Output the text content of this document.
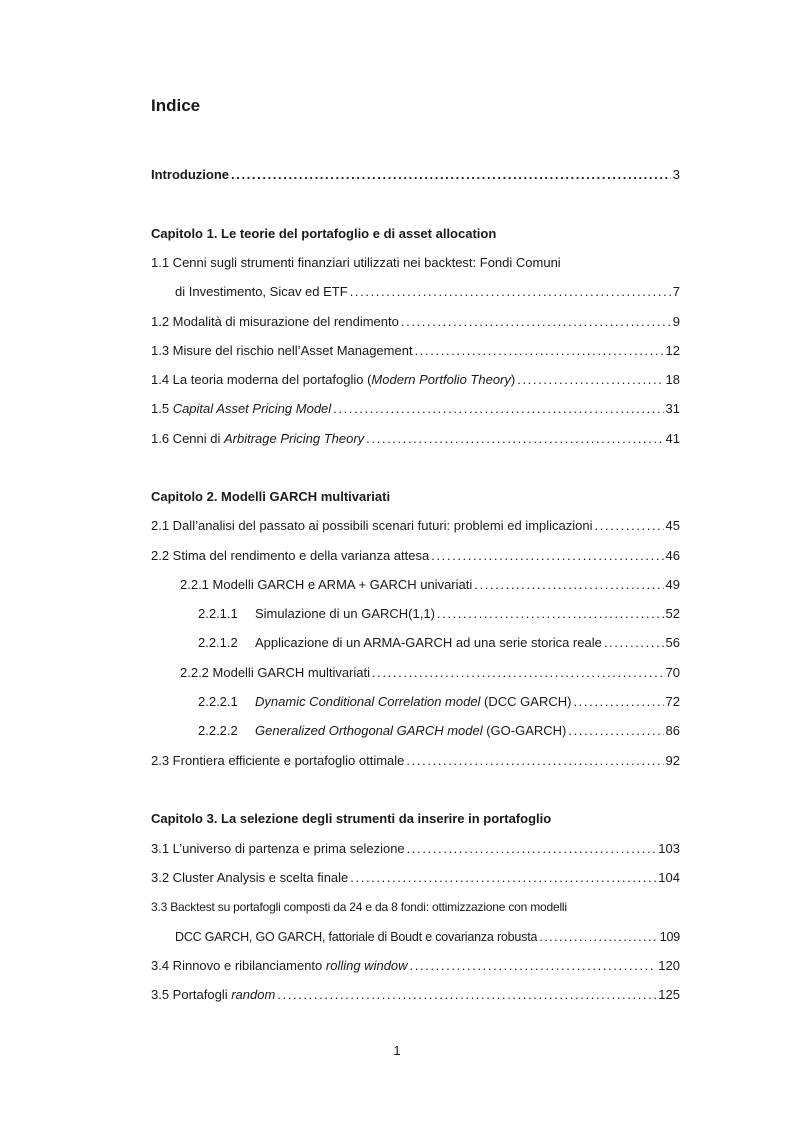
Indice
Introduzione . . .	3
Capitolo 1. Le teorie del portafoglio e di asset allocation
1.1 Cenni sugli strumenti finanziari utilizzati nei backtest: Fondi Comuni
di Investimento, Sicav ed ETF . . .	7
1.2 Modalità di misurazione del rendimento . . .	9
1.3 Misure del rischio nell’Asset Management . . .	12
1.4 La teoria moderna del portafoglio (Modern Portfolio Theory) . . .	18
1.5 Capital Asset Pricing Model . . .	31
1.6 Cenni di Arbitrage Pricing Theory . . .	41
Capitolo 2. Modelli GARCH multivariati
2.1 Dall’analisi del passato ai possibili scenari futuri: problemi ed implicazioni . . .	45
2.2 Stima del rendimento e della varianza attesa . . .	46
2.2.1 Modelli GARCH e ARMA + GARCH univariati . . .	49
2.2.1.1 Simulazione di un GARCH(1,1) . . .	52
2.2.1.2 Applicazione di un ARMA-GARCH ad una serie storica reale . . .	56
2.2.2 Modelli GARCH multivariati . . .	70
2.2.2.1 Dynamic Conditional Correlation model (DCC GARCH) . . .	72
2.2.2.2 Generalized Orthogonal GARCH model (GO-GARCH) . . .	86
2.3 Frontiera efficiente e portafoglio ottimale . . .	92
Capitolo 3. La selezione degli strumenti da inserire in portafoglio
3.1 L’universo di partenza e prima selezione . . .	103
3.2 Cluster Analysis e scelta finale . . .	104
3.3 Backtest su portafogli composti da 24 e da 8 fondi: ottimizzazione con modelli
DCC GARCH, GO GARCH, fattoriale di Boudt e covarianza robusta . . .	109
3.4 Rinnovo e ribilanciamento rolling window . . .	120
3.5 Portafogli random . . .	125
1
